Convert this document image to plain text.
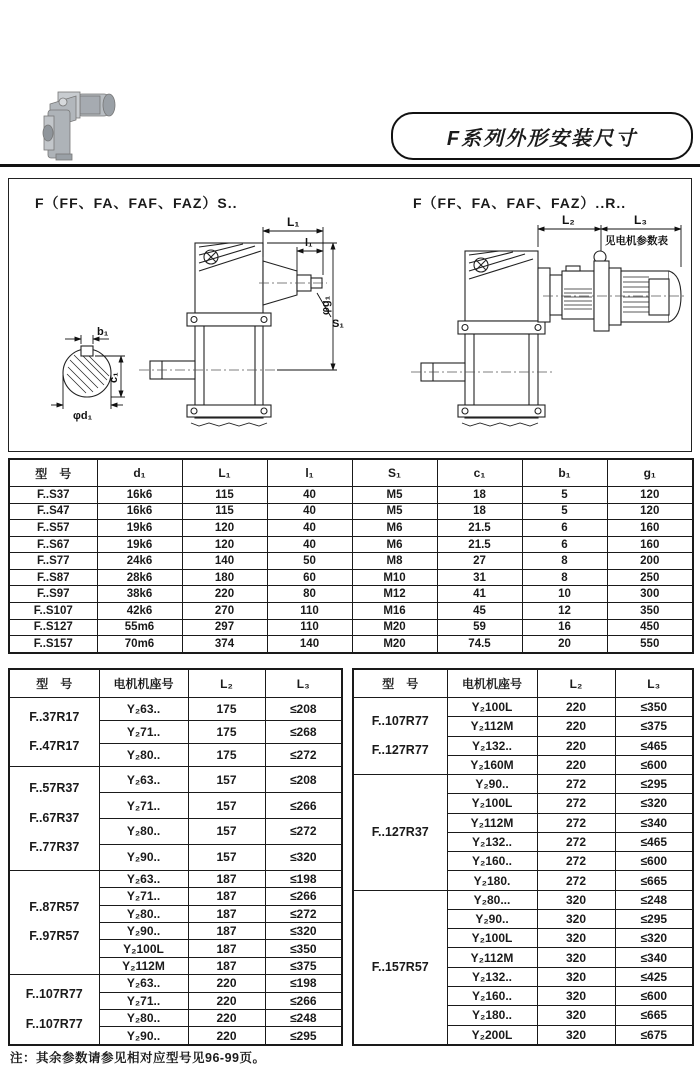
F系列外形安装尺寸
F（FF、FA、FAF、FAZ）S..	F（FF、FA、FAF、FAZ）..R..
L₁
l₁
φg₁
S₁
b₁
c₁
φd₁
L₂	L₃
见电机参数表
型　号	d₁	L₁	l₁	S₁	c₁	b₁	g₁
F..S37	16k6	115	40	M5	18	5	120
F..S47	16k6	115	40	M5	18	5	120
F..S57	19k6	120	40	M6	21.5	6	160
F..S67	19k6	120	40	M6	21.5	6	160
F..S77	24k6	140	50	M8	27	8	200
F..S87	28k6	180	60	M10	31	8	250
F..S97	38k6	220	80	M12	41	10	300
F..S107	42k6	270	110	M16	45	12	350
F..S127	55m6	297	110	M20	59	16	450
F..S157	70m6	374	140	M20	74.5	20	550
型　号	电机机座号	L₂	L₃
F..37R17
F..47R17	Y₂63..	175	≤208
	Y₂71..	175	≤268
	Y₂80..	175	≤272
F..57R37
F..67R37
F..77R37	Y₂63..	157	≤208
	Y₂71..	157	≤266
	Y₂80..	157	≤272
	Y₂90..	157	≤320
F..87R57
F..97R57	Y₂63..	187	≤198
	Y₂71..	187	≤266
	Y₂80..	187	≤272
	Y₂90..	187	≤320
	Y₂100L	187	≤350
	Y₂112M	187	≤375
F..107R77
F..107R77	Y₂63..	220	≤198
	Y₂71..	220	≤266
	Y₂80..	220	≤248
	Y₂90..	220	≤295
型　号	电机机座号	L₂	L₃
F..107R77
F..127R77	Y₂100L	220	≤350
	Y₂112M	220	≤375
	Y₂132..	220	≤465
	Y₂160M	220	≤600
F..127R37	Y₂90..	272	≤295
	Y₂100L	272	≤320
	Y₂112M	272	≤340
	Y₂132..	272	≤465
	Y₂160..	272	≤600
	Y₂180.	272	≤665
F..157R57	Y₂80...	320	≤248
	Y₂90..	320	≤295
	Y₂100L	320	≤320
	Y₂112M	320	≤340
	Y₂132..	320	≤425
	Y₂160..	320	≤600
	Y₂180..	320	≤665
	Y₂200L	320	≤675
注：其余参数请参见相对应型号见96-99页。
